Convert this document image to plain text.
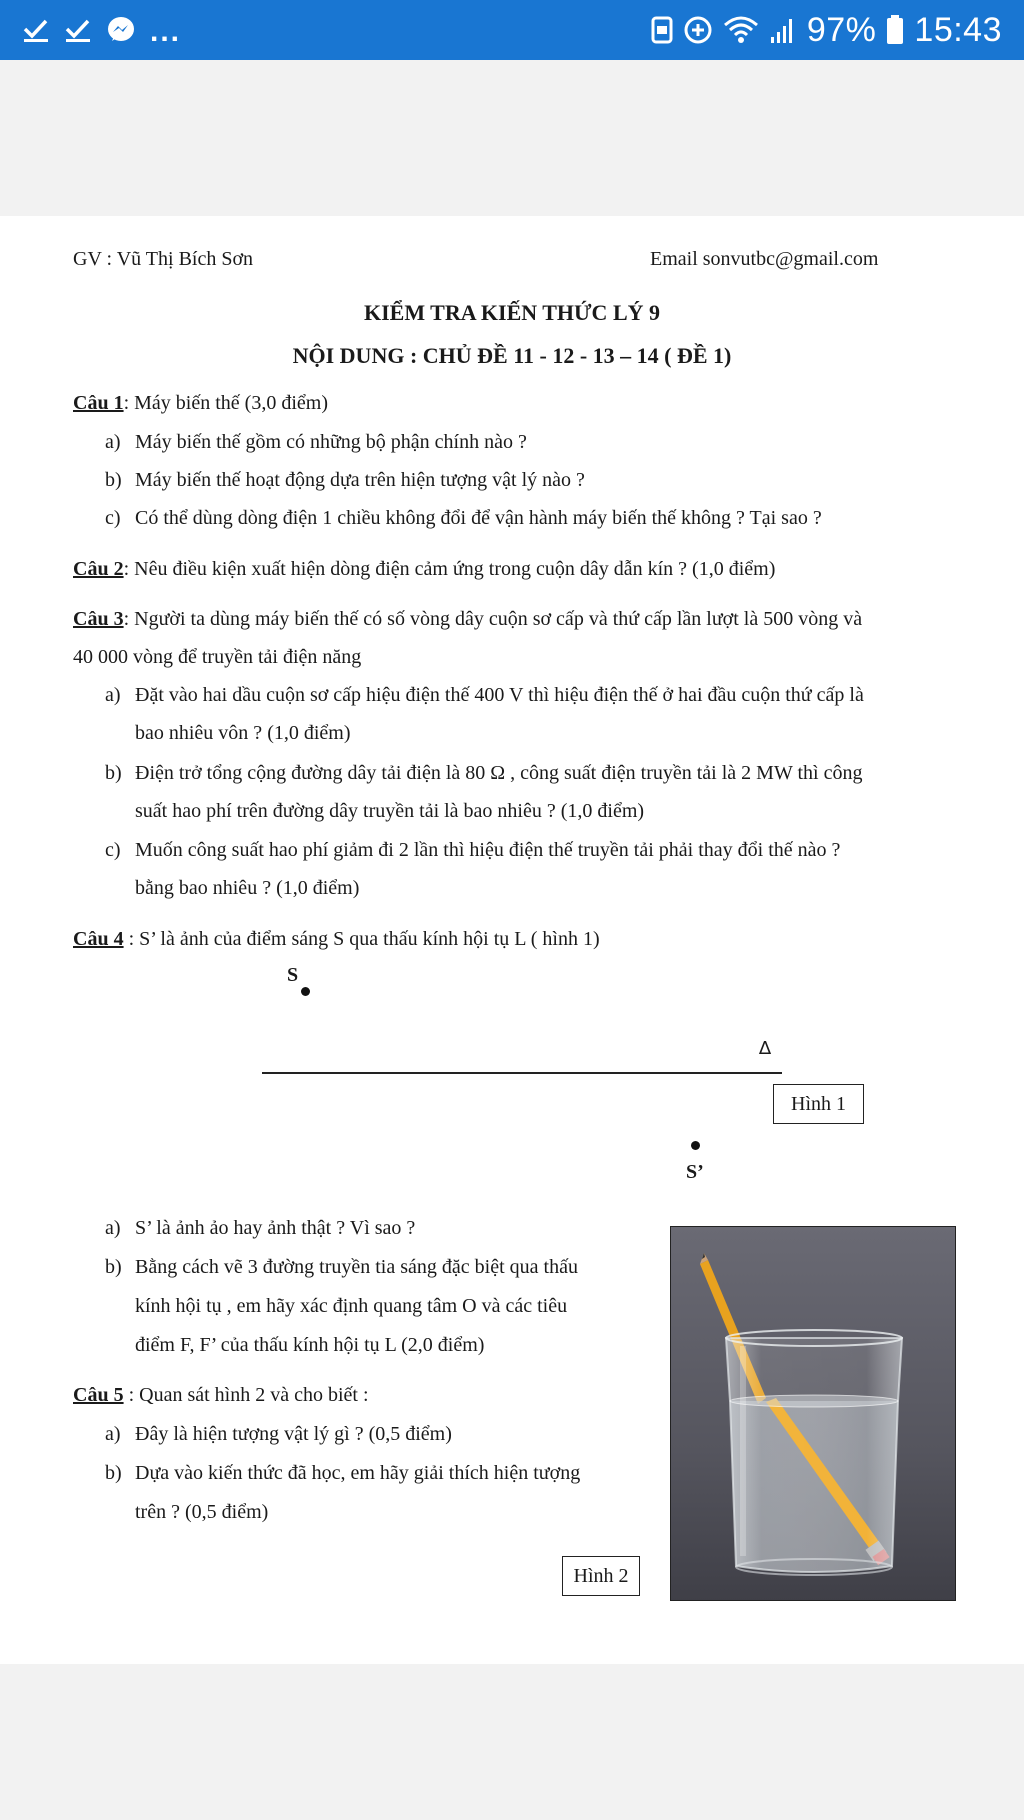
...	97% 15:43
GV : Vũ Thị Bích Sơn	Email sonvutbc@gmail.com
KIỂM TRA KIẾN THỨC LÝ 9
NỘI DUNG : CHỦ ĐỀ 11 - 12 - 13 – 14 ( ĐỀ 1)
Câu 1: Máy biến thế (3,0 điểm)
a) Máy biến thế gồm có những bộ phận chính nào ?
b) Máy biến thế hoạt động dựa trên hiện tượng vật lý nào ?
c) Có thể dùng dòng điện 1 chiều không đổi để vận hành máy biến thế không ? Tại sao ?
Câu 2: Nêu điều kiện xuất hiện dòng điện cảm ứng trong cuộn dây dẫn kín ? (1,0 điểm)
Câu 3: Người ta dùng máy biến thế có số vòng dây cuộn sơ cấp và thứ cấp lần lượt là 500 vòng và
40 000 vòng để truyền tải điện năng
a) Đặt vào hai dầu cuộn sơ cấp hiệu điện thế 400 V thì hiệu điện thế ở hai đầu cuộn thứ cấp là
bao nhiêu vôn ? (1,0 điểm)
b) Điện trở tổng cộng đường dây tải điện là 80 Ω , công suất điện truyền tải là 2 MW thì công
suất hao phí trên đường dây truyền tải là bao nhiêu ? (1,0 điểm)
c) Muốn công suất hao phí giảm đi 2 lần thì hiệu điện thế truyền tải phải thay đổi thế nào ?
bằng bao nhiêu ? (1,0 điểm)
Câu 4 : S’ là ảnh của điểm sáng S qua thấu kính hội tụ L ( hình 1)
S
∆
Hình 1
S’
a) S’ là ảnh ảo hay ảnh thật ? Vì sao ?
b) Bằng cách vẽ 3 đường truyền tia sáng đặc biệt qua thấu
kính hội tụ , em hãy xác định quang tâm O và các tiêu
điểm F, F’ của thấu kính hội tụ L (2,0 điểm)
Câu 5 : Quan sát hình 2 và cho biết :
a) Đây là hiện tượng vật lý gì ? (0,5 điểm)
b) Dựa vào kiến thức đã học, em hãy giải thích hiện tượng
trên ? (0,5 điểm)
Hình 2
